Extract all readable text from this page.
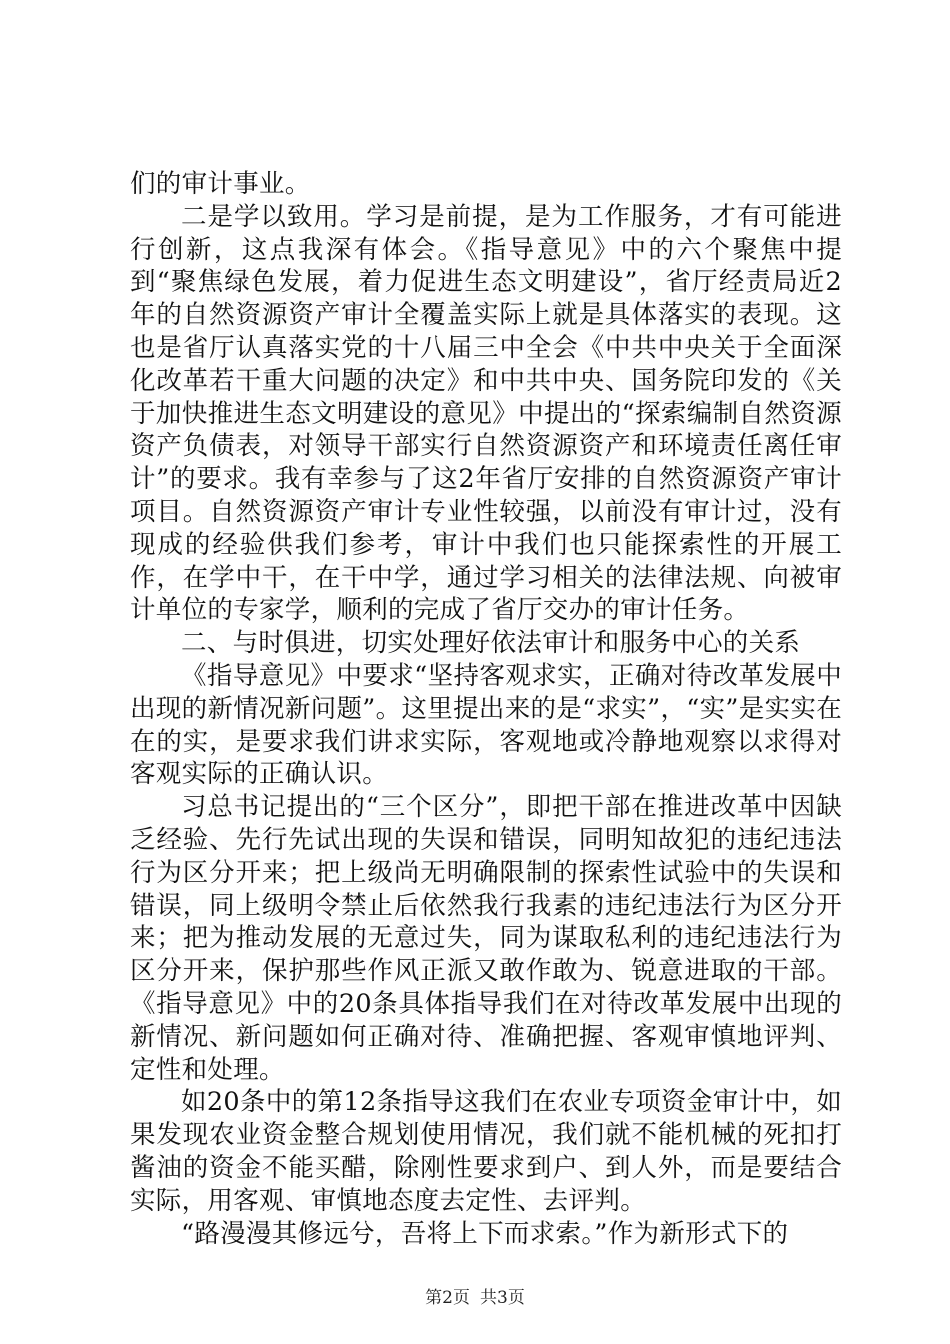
们的审计事业。

二是学以致用。学习是前提，是为工作服务，才有可能进行创新，这点我深有体会。《指导意见》中的六个聚焦中提到“聚焦绿色发展，着力促进生态文明建设”，省厅经责局近2年的自然资源资产审计全覆盖实际上就是具体落实的表现。这也是省厅认真落实党的十八届三中全会《中共中央关于全面深化改革若干重大问题的决定》和中共中央、国务院印发的《关于加快推进生态文明建设的意见》中提出的“探索编制自然资源资产负债表，对领导干部实行自然资源资产和环境责任离任审计”的要求。我有幸参与了这2年省厅安排的自然资源资产审计项目。自然资源资产审计专业性较强，以前没有审计过，没有现成的经验供我们参考，审计中我们也只能探索性的开展工作，在学中干，在干中学，通过学习相关的法律法规、向被审计单位的专家学，顺利的完成了省厅交办的审计任务。

二、与时俱进，切实处理好依法审计和服务中心的关系

《指导意见》中要求“坚持客观求实，正确对待改革发展中出现的新情况新问题”。这里提出来的是“求实”，“实”是实实在在的实，是要求我们讲求实际，客观地或冷静地观察以求得对客观实际的正确认识。

习总书记提出的“三个区分”，即把干部在推进改革中因缺乏经验、先行先试出现的失误和错误，同明知故犯的违纪违法行为区分开来；把上级尚无明确限制的探索性试验中的失误和错误，同上级明令禁止后依然我行我素的违纪违法行为区分开来；把为推动发展的无意过失，同为谋取私利的违纪违法行为区分开来，保护那些作风正派又敢作敢为、锐意进取的干部。《指导意见》中的20条具体指导我们在对待改革发展中出现的新情况、新问题如何正确对待、准确把握、客观审慎地评判、定性和处理。

如20条中的第12条指导这我们在农业专项资金审计中，如果发现农业资金整合规划使用情况，我们就不能机械的死扣打酱油的资金不能买醋，除刚性要求到户、到人外，而是要结合实际，用客观、审慎地态度去定性、去评判。

“路漫漫其修远兮，吾将上下而求索。”作为新形式下的

第2页 共3页
